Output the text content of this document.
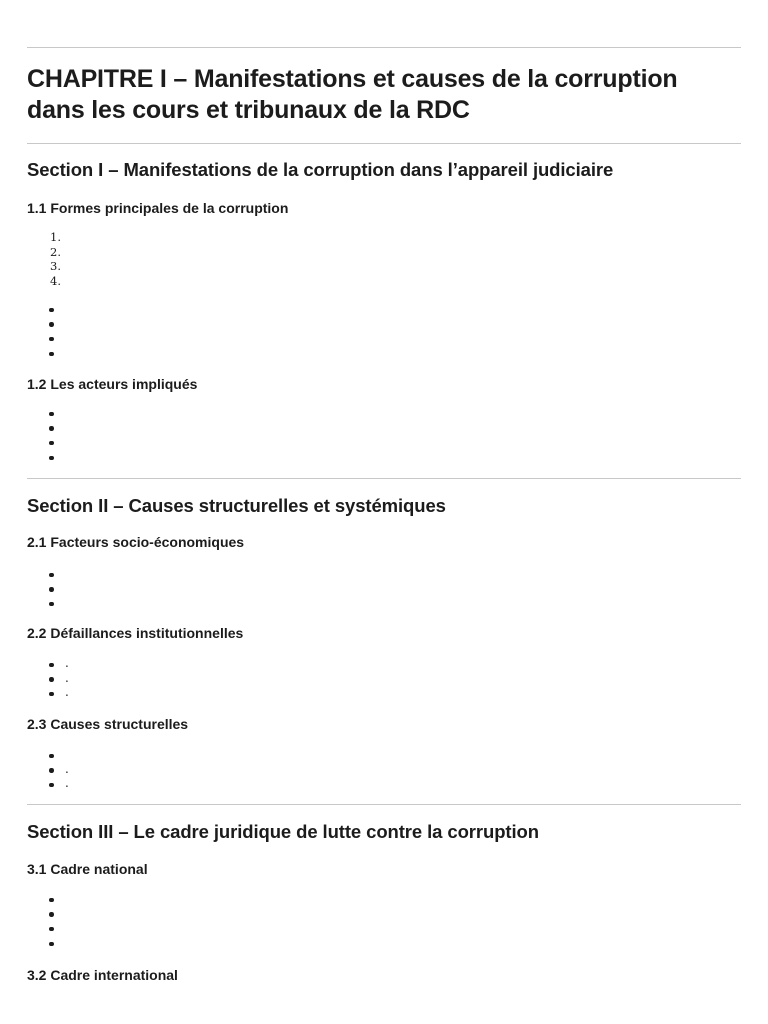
CHAPITRE I – Manifestations et causes de la corruption dans les cours et tribunaux de la RDC
Section I – Manifestations de la corruption dans l’appareil judiciaire
1.1 Formes principales de la corruption
1.
2.
3.
4.
1.2 Les acteurs impliqués
Section II – Causes structurelles et systémiques
2.1 Facteurs socio-économiques
2.2 Défaillances institutionnelles
.
.
.
2.3 Causes structurelles
.
.
Section III – Le cadre juridique de lutte contre la corruption
3.1 Cadre national
3.2 Cadre international
